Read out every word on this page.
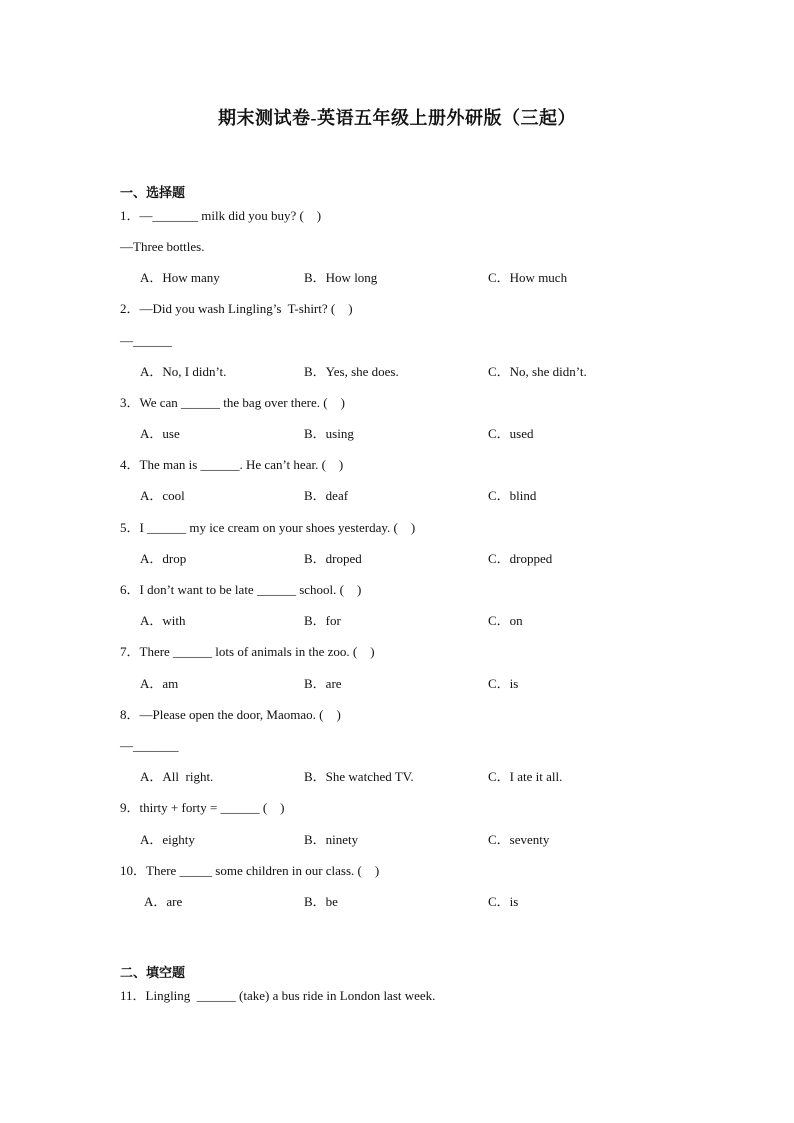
期末测试卷-英语五年级上册外研版（三起）
一、选择题
1．—_______ milk did you buy? (    )
—Three bottles.
A．How many	B．How long	C．How much
2．—Did you wash Lingling’s  T-shirt? (    )
—______
A．No, I didn’t.	B．Yes, she does.	C．No, she didn’t.
3．We can ______ the bag over there. (    )
A．use	B．using	C．used
4．The man is ______. He can’t hear. (    )
A．cool	B．deaf	C．blind
5．I ______ my ice cream on your shoes yesterday. (    )
A．drop	B．droped	C．dropped
6．I don’t want to be late ______ school. (    )
A．with	B．for	C．on
7．There ______ lots of animals in the zoo. (    )
A．am	B．are	C．is
8．—Please open the door, Maomao. (    )
—_______
A．All  right.	B．She watched TV.	C．I ate it all.
9．thirty + forty = ______ (    )
A．eighty	B．ninety	C．seventy
10．There _____ some children in our class. (    )
A．are	B．be	C．is
二、填空题
11．Lingling  ______ (take) a bus ride in London last week.
